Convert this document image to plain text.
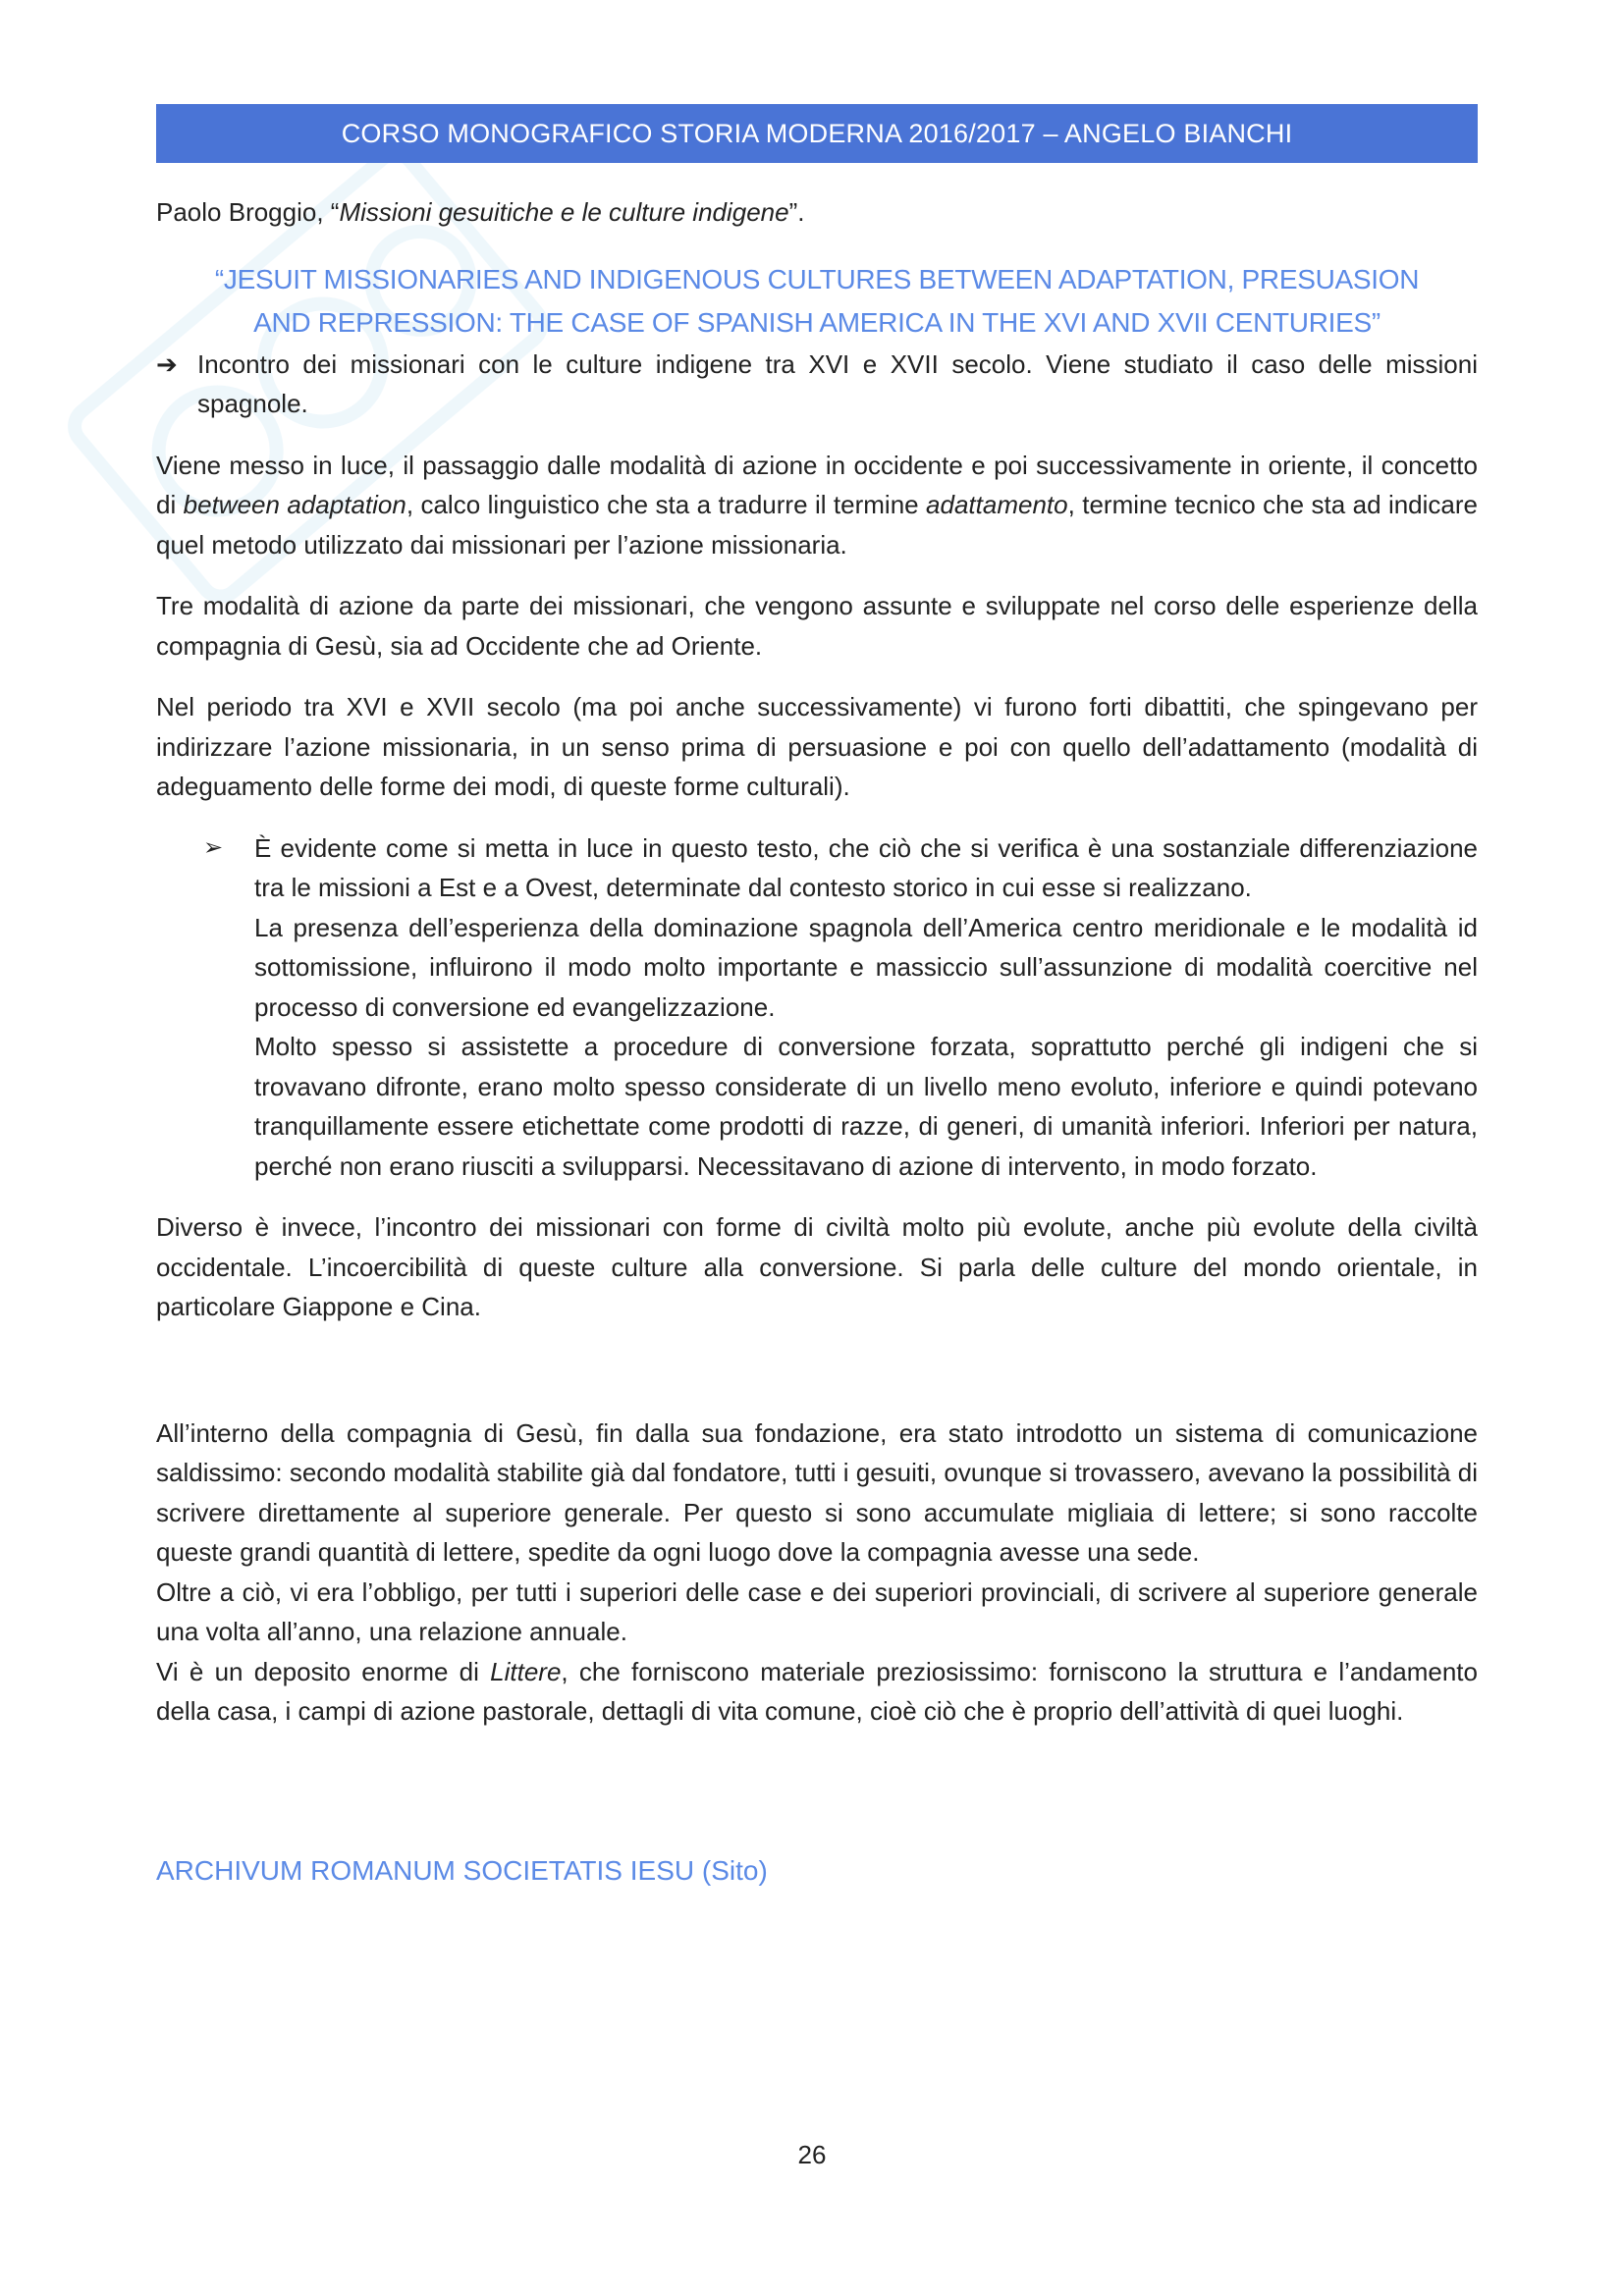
CORSO MONOGRAFICO STORIA MODERNA 2016/2017 – ANGELO BIANCHI

Paolo Broggio, “Missioni gesuitiche e le culture indigene”.

“JESUIT MISSIONARIES AND INDIGENOUS CULTURES BETWEEN ADAPTATION, PRESUASION AND REPRESSION: THE CASE OF SPANISH AMERICA IN THE XVI AND XVII CENTURIES”
➔ Incontro dei missionari con le culture indigene tra XVI e XVII secolo. Viene studiato il caso delle missioni spagnole.

Viene messo in luce, il passaggio dalle modalità di azione in occidente e poi successivamente in oriente, il concetto di between adaptation, calco linguistico che sta a tradurre il termine adattamento, termine tecnico che sta ad indicare quel metodo utilizzato dai missionari per l’azione missionaria.

Tre modalità di azione da parte dei missionari, che vengono assunte e sviluppate nel corso delle esperienze della compagnia di Gesù, sia ad Occidente che ad Oriente.

Nel periodo tra XVI e XVII secolo (ma poi anche successivamente) vi furono forti dibattiti, che spingevano per indirizzare l’azione missionaria, in un senso prima di persuasione e poi con quello dell’adattamento (modalità di adeguamento delle forme dei modi, di queste forme culturali).

➢	È evidente come si metta in luce in questo testo, che ciò che si verifica è una sostanziale differenziazione tra le missioni a Est e a Ovest, determinate dal contesto storico in cui esse si realizzano.

La presenza dell’esperienza della dominazione spagnola dell’America centro meridionale e le modalità id sottomissione, influirono il modo molto importante e massiccio sull’assunzione di modalità coercitive nel processo di conversione ed evangelizzazione.

Molto spesso si assistette a procedure di conversione forzata, soprattutto perché gli indigeni che si trovavano difronte, erano molto spesso considerate di un livello meno evoluto, inferiore e quindi potevano tranquillamente essere etichettate come prodotti di razze, di generi, di umanità inferiori. Inferiori per natura, perché non erano riusciti a svilupparsi. Necessitavano di azione di intervento, in modo forzato.

Diverso è invece, l’incontro dei missionari con forme di civiltà molto più evolute, anche più evolute della civiltà occidentale. L’incoercibilità di queste culture alla conversione. Si parla delle culture del mondo orientale, in particolare Giappone e Cina.

All’interno della compagnia di Gesù, fin dalla sua fondazione, era stato introdotto un sistema di comunicazione saldissimo: secondo modalità stabilite già dal fondatore, tutti i gesuiti, ovunque si trovassero, avevano la possibilità di scrivere direttamente al superiore generale. Per questo si sono accumulate migliaia di lettere; si sono raccolte queste grandi quantità di lettere, spedite da ogni luogo dove la compagnia avesse una sede.

Oltre a ciò, vi era l’obbligo, per tutti i superiori delle case e dei superiori provinciali, di scrivere al superiore generale una volta all’anno, una relazione annuale.

Vi è un deposito enorme di Littere, che forniscono materiale preziosissimo: forniscono la struttura e l’andamento della casa, i campi di azione pastorale, dettagli di vita comune, cioè ciò che è proprio dell’attività di quei luoghi.

ARCHIVUM ROMANUM SOCIETATIS IESU (Sito)
26
